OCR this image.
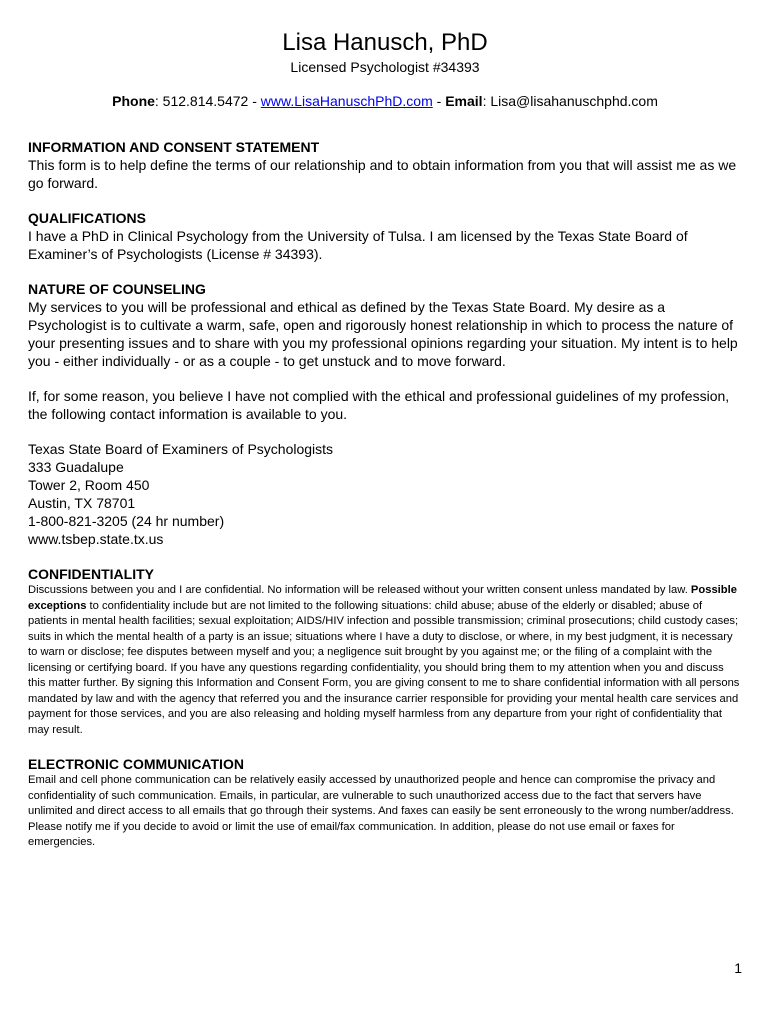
Lisa Hanusch, PhD

Licensed Psychologist #34393

Phone: 512.814.5472 - www.LisaHanuschPhD.com - Email: Lisa@lisahanuschphd.com

INFORMATION AND CONSENT STATEMENT

This form is to help define the terms of our relationship and to obtain information from you that will assist me as we go forward.

QUALIFICATIONS

I have a PhD in Clinical Psychology from the University of Tulsa. I am licensed by the Texas State Board of Examiner’s of Psychologists (License # 34393).

NATURE OF COUNSELING

My services to you will be professional and ethical as defined by the Texas State Board. My desire as a Psychologist is to cultivate a warm, safe, open and rigorously honest relationship in which to process the nature of your presenting issues and to share with you my professional opinions regarding your situation. My intent is to help you - either individually - or as a couple - to get unstuck and to move forward.

If, for some reason, you believe I have not complied with the ethical and professional guidelines of my profession, the following contact information is available to you.

Texas State Board of Examiners of Psychologists
333 Guadalupe
Tower 2, Room 450
Austin, TX 78701
1-800-821-3205 (24 hr number)
www.tsbep.state.tx.us

CONFIDENTIALITY

Discussions between you and I are confidential. No information will be released without your written consent unless mandated by law. Possible exceptions to confidentiality include but are not limited to the following situations: child abuse; abuse of the elderly or disabled; abuse of patients in mental health facilities; sexual exploitation; AIDS/HIV infection and possible transmission; criminal prosecutions; child custody cases; suits in which the mental health of a party is an issue; situations where I have a duty to disclose, or where, in my best judgment, it is necessary to warn or disclose; fee disputes between myself and you; a negligence suit brought by you against me; or the filing of a complaint with the licensing or certifying board. If you have any questions regarding confidentiality, you should bring them to my attention when you and discuss this matter further. By signing this Information and Consent Form, you are giving consent to me to share confidential information with all persons mandated by law and with the agency that referred you and the insurance carrier responsible for providing your mental health care services and payment for those services, and you are also releasing and holding myself harmless from any departure from your right of confidentiality that may result.

ELECTRONIC COMMUNICATION

Email and cell phone communication can be relatively easily accessed by unauthorized people and hence can compromise the privacy and confidentiality of such communication. Emails, in particular, are vulnerable to such unauthorized access due to the fact that servers have unlimited and direct access to all emails that go through their systems. And faxes can easily be sent erroneously to the wrong number/address. Please notify me if you decide to avoid or limit the use of email/fax communication. In addition, please do not use email or faxes for emergencies.

1
